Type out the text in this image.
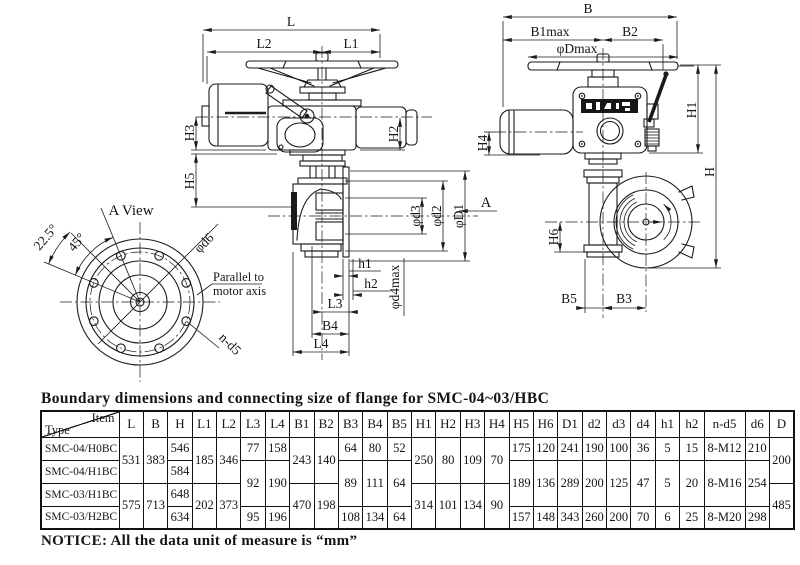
L
L2	L1
H3
H5
H2
φd3 φd2 φD1
h1
h2 φd4max
L3
B4
L4
A
A View
22.5° 45°	φd6
n-d5
Parallel to
motor axis
B
B1max	B2
φDmax
H1
H
H4
H6
B5	B3
Boundary dimensions and connecting size of flange for SMC-04~03/HBC
Item
Type	L	B	H	L1	L2	L3	L4	B1	B2	B3	B4	B5	H1	H2	H3	H4	H5	H6	D1	d2	d3	d4	h1	h2	n-d5	d6	D
SMC-04/H0BC	531	383	546	185	346	77	158	243	140	64	80	52	250	80	109	70	175	120	241	190	100	36	5	15	8-M12	210	200
SMC-04/H1BC			584			92	190			89	111	64					189	136	289	200	125	47	5	20	8-M16	254	
SMC-03/H1BC	575	713	648	202	373			470	198				314	101	134	90											485
SMC-03/H2BC			634			95	196			108	134	64					157	148	343	260	200	70	6	25	8-M20	298	
NOTICE: All the data unit of measure is “mm”
